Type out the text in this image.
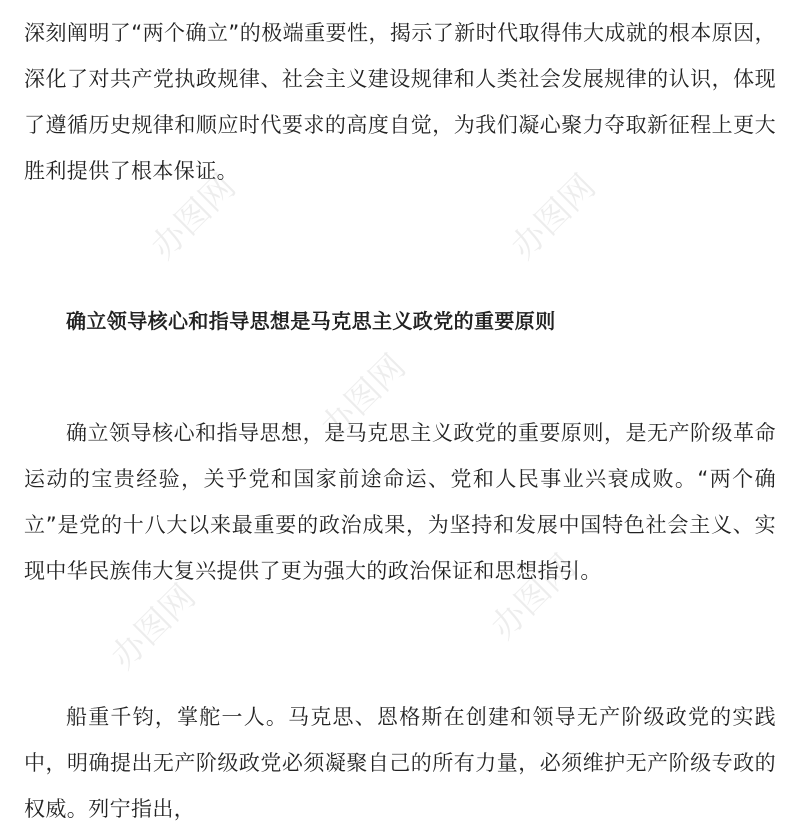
深刻阐明了“两个确立”的极端重要性，揭示了新时代取得伟大成就的根本原因，深化了对共产党执政规律、社会主义建设规律和人类社会发展规律的认识，体现了遵循历史规律和顺应时代要求的高度自觉，为我们凝心聚力夺取新征程上更大胜利提供了根本保证。

确立领导核心和指导思想是马克思主义政党的重要原则

确立领导核心和指导思想，是马克思主义政党的重要原则，是无产阶级革命运动的宝贵经验，关乎党和国家前途命运、党和人民事业兴衰成败。“两个确立”是党的十八大以来最重要的政治成果，为坚持和发展中国特色社会主义、实现中华民族伟大复兴提供了更为强大的政治保证和思想指引。

船重千钧，掌舵一人。马克思、恩格斯在创建和领导无产阶级政党的实践中，明确提出无产阶级政党必须凝聚自己的所有力量，必须维护无产阶级专政的权威。列宁指出，

办图网	办图网
办图网
办图网
办图网
